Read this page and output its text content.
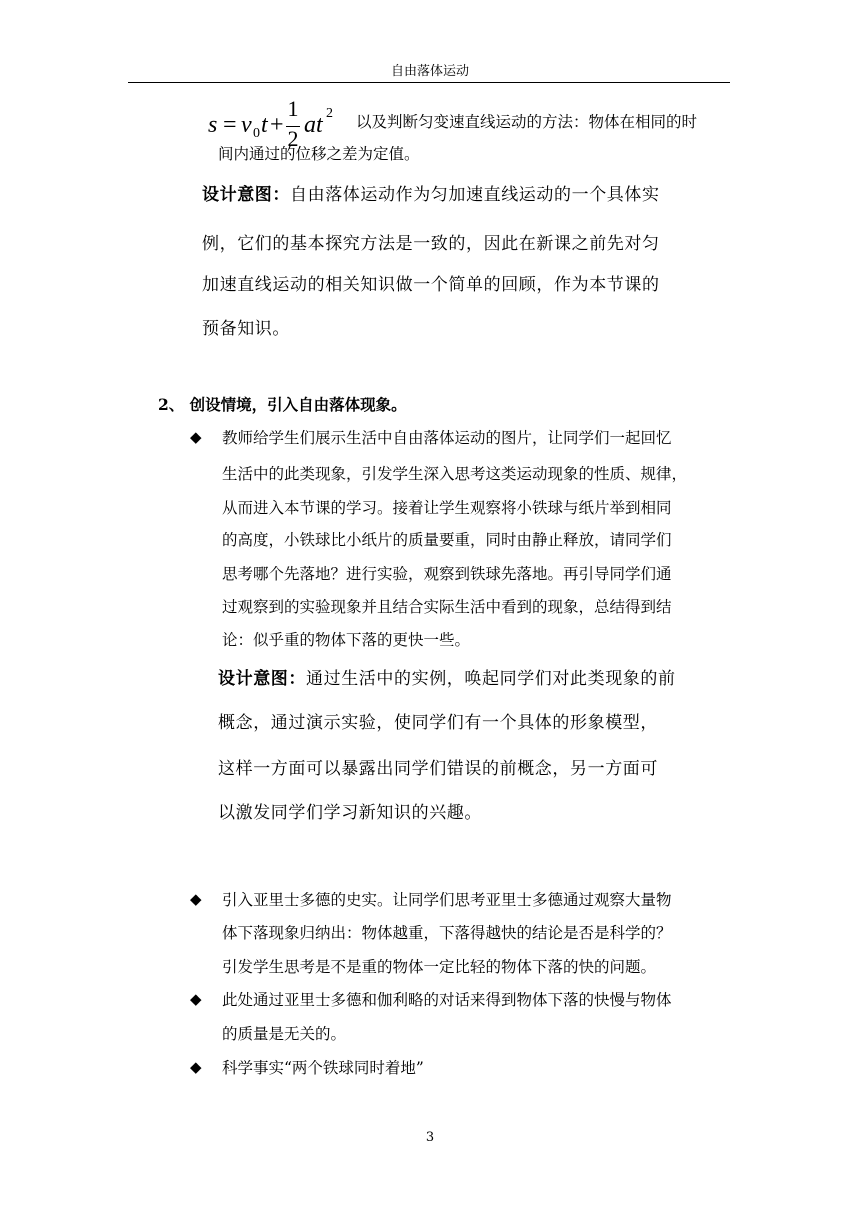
自由落体运动
s = v 0 t +
1
2
at 2 以及判断匀变速直线运动的方法：物体在相同的时
间内通过的位移之差为定值。
设计意图：自由落体运动作为匀加速直线运动的一个具体实
例，它们的基本探究方法是一致的，因此在新课之前先对匀
加速直线运动的相关知识做一个简单的回顾，作为本节课的
预备知识。
2、 创设情境，引入自由落体现象。
◆ 教师给学生们展示生活中自由落体运动的图片，让同学们一起回忆
生活中的此类现象，引发学生深入思考这类运动现象的性质、规律，
从而进入本节课的学习。接着让学生观察将小铁球与纸片举到相同
的高度，小铁球比小纸片的质量要重，同时由静止释放，请同学们
思考哪个先落地？进行实验，观察到铁球先落地。再引导同学们通
过观察到的实验现象并且结合实际生活中看到的现象，总结得到结
论：似乎重的物体下落的更快一些。
设计意图：通过生活中的实例，唤起同学们对此类现象的前
概念，通过演示实验，使同学们有一个具体的形象模型，
这样一方面可以暴露出同学们错误的前概念，另一方面可
以激发同学们学习新知识的兴趣。
◆ 引入亚里士多德的史实。让同学们思考亚里士多德通过观察大量物
体下落现象归纳出：物体越重，下落得越快的结论是否是科学的？
引发学生思考是不是重的物体一定比轻的物体下落的快的问题。
◆ 此处通过亚里士多德和伽利略的对话来得到物体下落的快慢与物体
的质量是无关的。
◆ 科学事实“两个铁球同时着地”
3
